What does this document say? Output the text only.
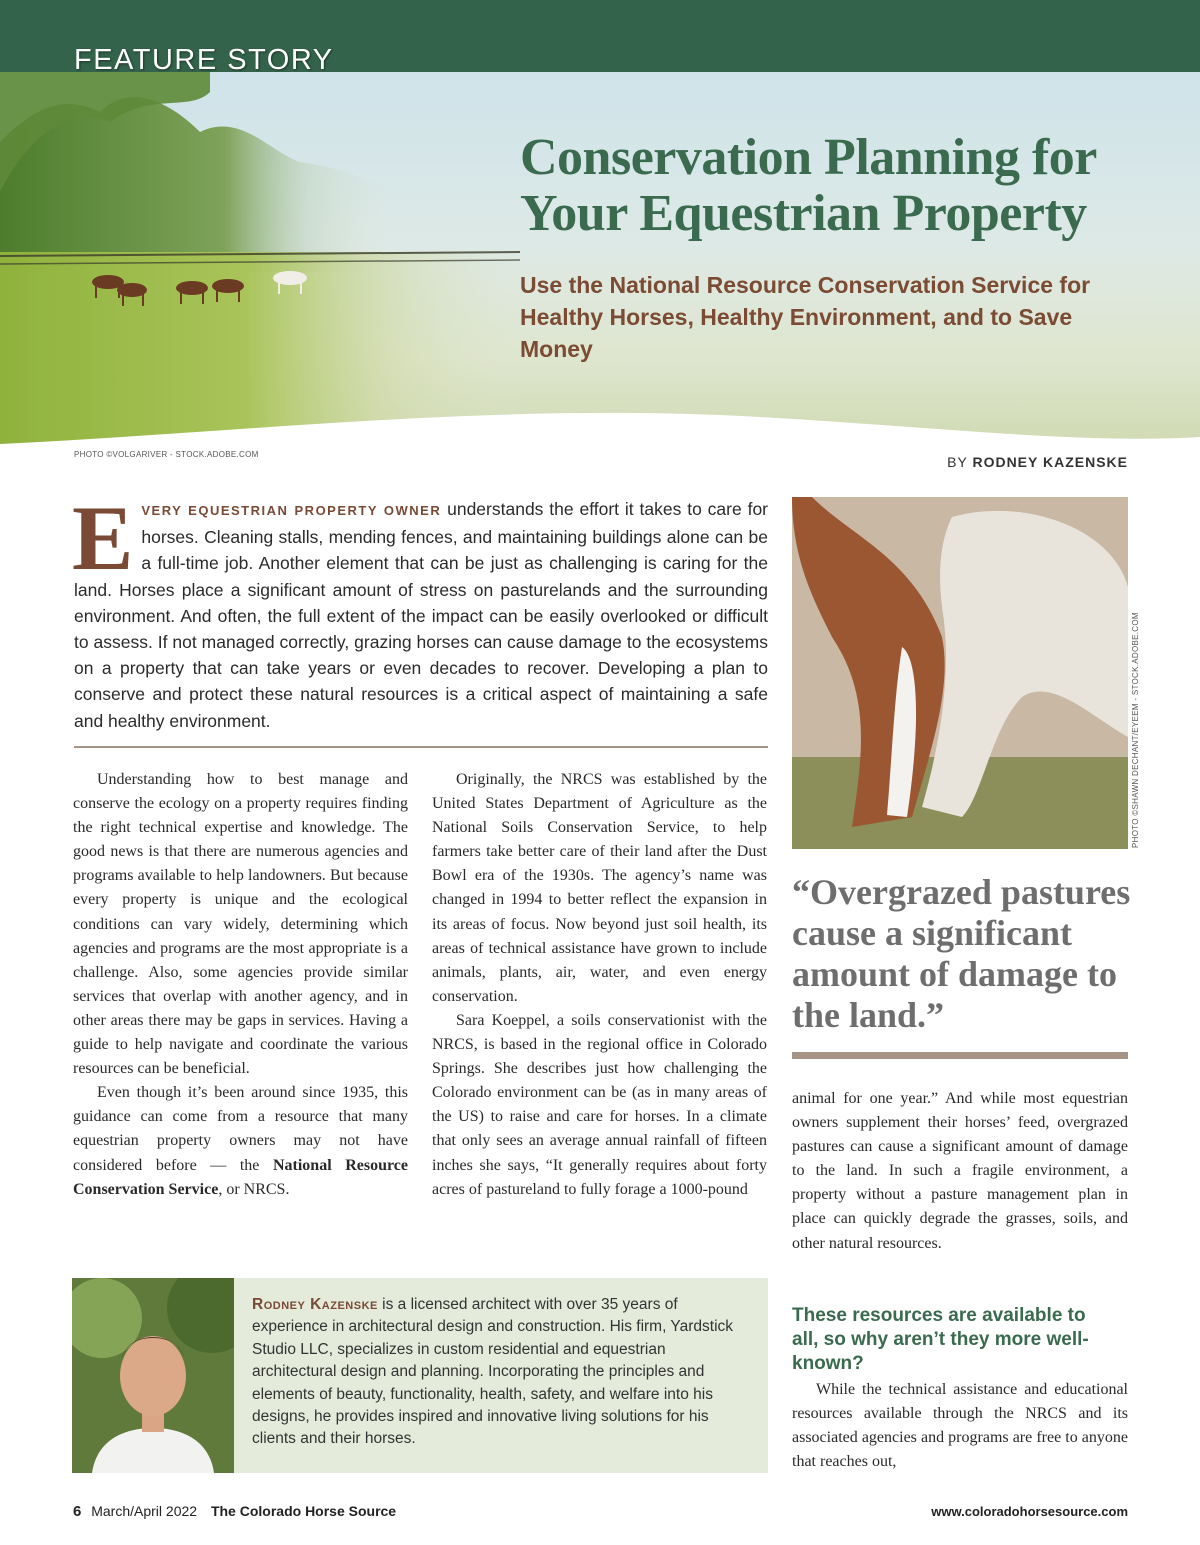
FEATURE STORY
Conservation Planning for Your Equestrian Property
Use the National Resource Conservation Service for Healthy Horses, Healthy Environment, and to Save Money
PHOTO ©VOLGARIVER - STOCK.ADOBE.COM	BY RODNEY KAZENSKE
EVERY EQUESTRIAN PROPERTY OWNER understands the effort it takes to care for horses. Cleaning stalls, mending fences, and maintaining buildings alone can be a full-time job. Another element that can be just as challenging is caring for the land. Horses place a significant amount of stress on pasturelands and the surrounding environment. And often, the full extent of the impact can be easily overlooked or difficult to assess. If not managed correctly, grazing horses can cause damage to the ecosystems on a property that can take years or even decades to recover. Developing a plan to conserve and protect these natural resources is a critical aspect of maintaining a safe and healthy environment.

Understanding how to best manage and conserve the ecology on a property requires finding the right technical expertise and knowledge. The good news is that there are numerous agencies and programs available to help landowners. But because every property is unique and the ecological conditions can vary widely, determining which agencies and programs are the most appropriate is a challenge. Also, some agencies provide similar services that overlap with another agency, and in other areas there may be gaps in services. Having a guide to help navigate and coordinate the various resources can be beneficial.

Even though it’s been around since 1935, this guidance can come from a resource that many equestrian property owners may not have considered before — the National Resource Conservation Service, or NRCS.

Originally, the NRCS was established by the United States Department of Agriculture as the National Soils Conservation Service, to help farmers take better care of their land after the Dust Bowl era of the 1930s. The agency’s name was changed in 1994 to better reflect the expansion in its areas of focus. Now beyond just soil health, its areas of technical assistance have grown to include animals, plants, air, water, and even energy conservation.

Sara Koeppel, a soils conservationist with the NRCS, is based in the regional office in Colorado Springs. She describes just how challenging the Colorado environment can be (as in many areas of the US) to raise and care for horses. In a climate that only sees an average annual rainfall of fifteen inches she says, “It generally requires about forty acres of pastureland to fully forage a 1000-pound

PHOTO ©SHAWN DECHANT/EYEEM - STOCK.ADOBE.COM
“Overgrazed pastures cause a significant amount of damage to the land.”

animal for one year.” And while most equestrian owners supplement their horses’ feed, overgrazed pastures can cause a significant amount of damage to the land. In such a fragile environment, a property without a pasture management plan in place can quickly degrade the grasses, soils, and other natural resources.

These resources are available to all, so why aren’t they more well-known?

While the technical assistance and educational resources available through the NRCS and its associated agencies and programs are free to anyone that reaches out,

Rodney Kazenske is a licensed architect with over 35 years of experience in architectural design and construction. His firm, Yardstick Studio LLC, specializes in custom residential and equestrian architectural design and planning. Incorporating the principles and elements of beauty, functionality, health, safety, and welfare into his designs, he provides inspired and innovative living solutions for his clients and their horses.
6 March/April 2022 The Colorado Horse Source	www.coloradohorsesource.com
